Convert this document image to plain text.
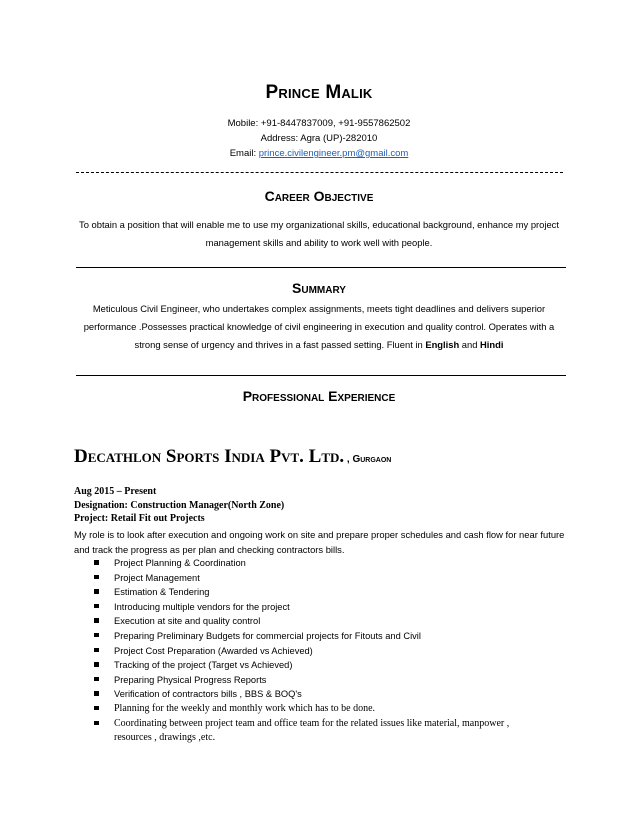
Prince Malik
Mobile: +91-8447837009, +91-9557862502
Address: Agra (UP)-282010
Email: prince.civilengineer.pm@gmail.com
Career Objective

To obtain a position that will enable me to use my organizational skills, educational background, enhance my project management skills and ability to work well with people.

Summary

Meticulous Civil Engineer, who undertakes complex assignments, meets tight deadlines and delivers superior performance .Possesses practical knowledge of civil engineering in execution and quality control. Operates with a strong sense of urgency and thrives in a fast passed setting. Fluent in English and Hindi

Professional Experience
Decathlon Sports India Pvt. Ltd. , Gurgaon
Aug 2015 – Present
Designation: Construction Manager(North Zone)
Project: Retail Fit out Projects

My role is to look after execution and ongoing work on site and prepare proper schedules and cash flow for near future and track the progress as per plan and checking contractors bills.

Project Planning & Coordination
Project Management
Estimation & Tendering
Introducing multiple vendors for the project
Execution at site and quality control
Preparing Preliminary Budgets for commercial projects for Fitouts and Civil
Project Cost Preparation (Awarded vs Achieved)
Tracking of the project (Target vs Achieved)
Preparing Physical Progress Reports
Verification of contractors bills , BBS & BOQ's
Planning for the weekly and monthly work which has to be done.
Coordinating between project team and office team for the related issues like material, manpower , resources , drawings ,etc.
